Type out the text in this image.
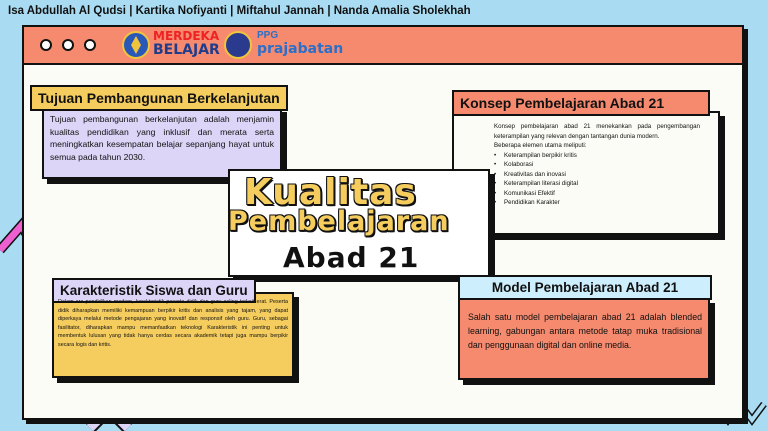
Isa Abdullah Al Qudsi | Kartika Nofiyanti | Miftahul Jannah | Nanda Amalia Sholekhah
MERDEKA
BELAJAR
PPG
prajabatan
Tujuan Pembangunan Berkelanjutan
Tujuan pembangunan berkelanjutan adalah menjamin kualitas pendidikan yang inklusif dan merata serta meningkatkan kesempatan belajar sepanjang hayat untuk semua pada tahun 2030.
Konsep Pembelajaran Abad 21
Konsep pembelajaran abad 21 menekankan pada pengembangan keterampilan yang relevan dengan tantangan dunia modern.
Beberapa elemen utama meliputi:
• Keterampilan berpikir kritis
• Kolaborasi
• Kreativitas dan inovasi
• Keterampilan literasi digital
• Komunikasi Efektif
• Pendidikan Karakter
Kualitas
Pembelajaran
Abad 21
Karakteristik Siswa dan Guru
Dalam era pendidikan modern, karakteristik peserta didik dan guru saling terkait erat. Peserta didik diharapkan memiliki kemampuan berpikir kritis dan analisis yang tajam, yang dapat diperkaya melalui metode pengajaran yang inovatif dan responsif oleh guru. Guru, sebagai fasilitator, diharapkan mampu memanfaatkan teknologi Karakteristik ini penting untuk membentuk lulusan yang tidak hanya cerdas secara akademik tetapi juga mampu berpikir secara logis dan kritis.
Model Pembelajaran Abad 21
Salah satu model pembelajaran abad 21 adalah blended learning, gabungan antara metode tatap muka tradisional dan penggunaan digital dan online media.
